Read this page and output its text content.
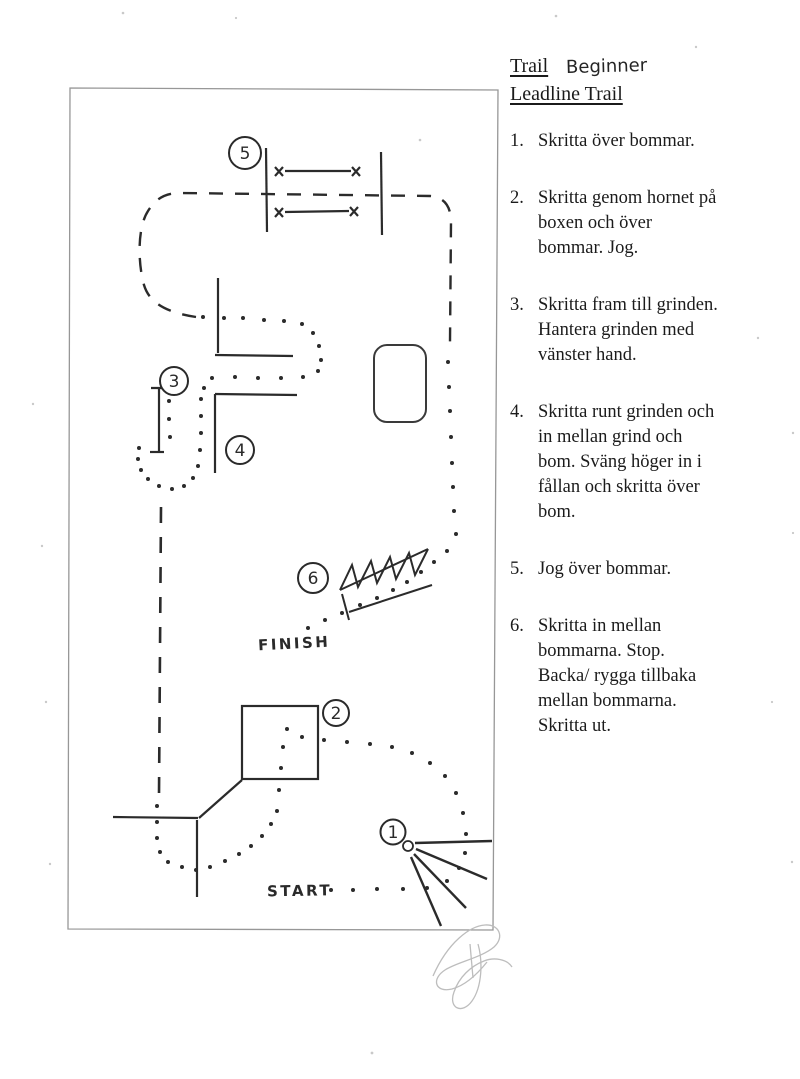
5
3
4
6
2
1
FINISH
START
Trail Beginner
Leadline Trail
1. Skritta över bommar.
2. Skritta genom hornet på
boxen och över
bommar. Jog.
3. Skritta fram till grinden.
Hantera grinden med
vänster hand.
4. Skritta runt grinden och
in mellan grind och
bom. Sväng höger in i
fållan och skritta över
bom.
5. Jog över bommar.
6. Skritta in mellan
bommarna. Stop.
Backa/ rygga tillbaka
mellan bommarna.
Skritta ut.
